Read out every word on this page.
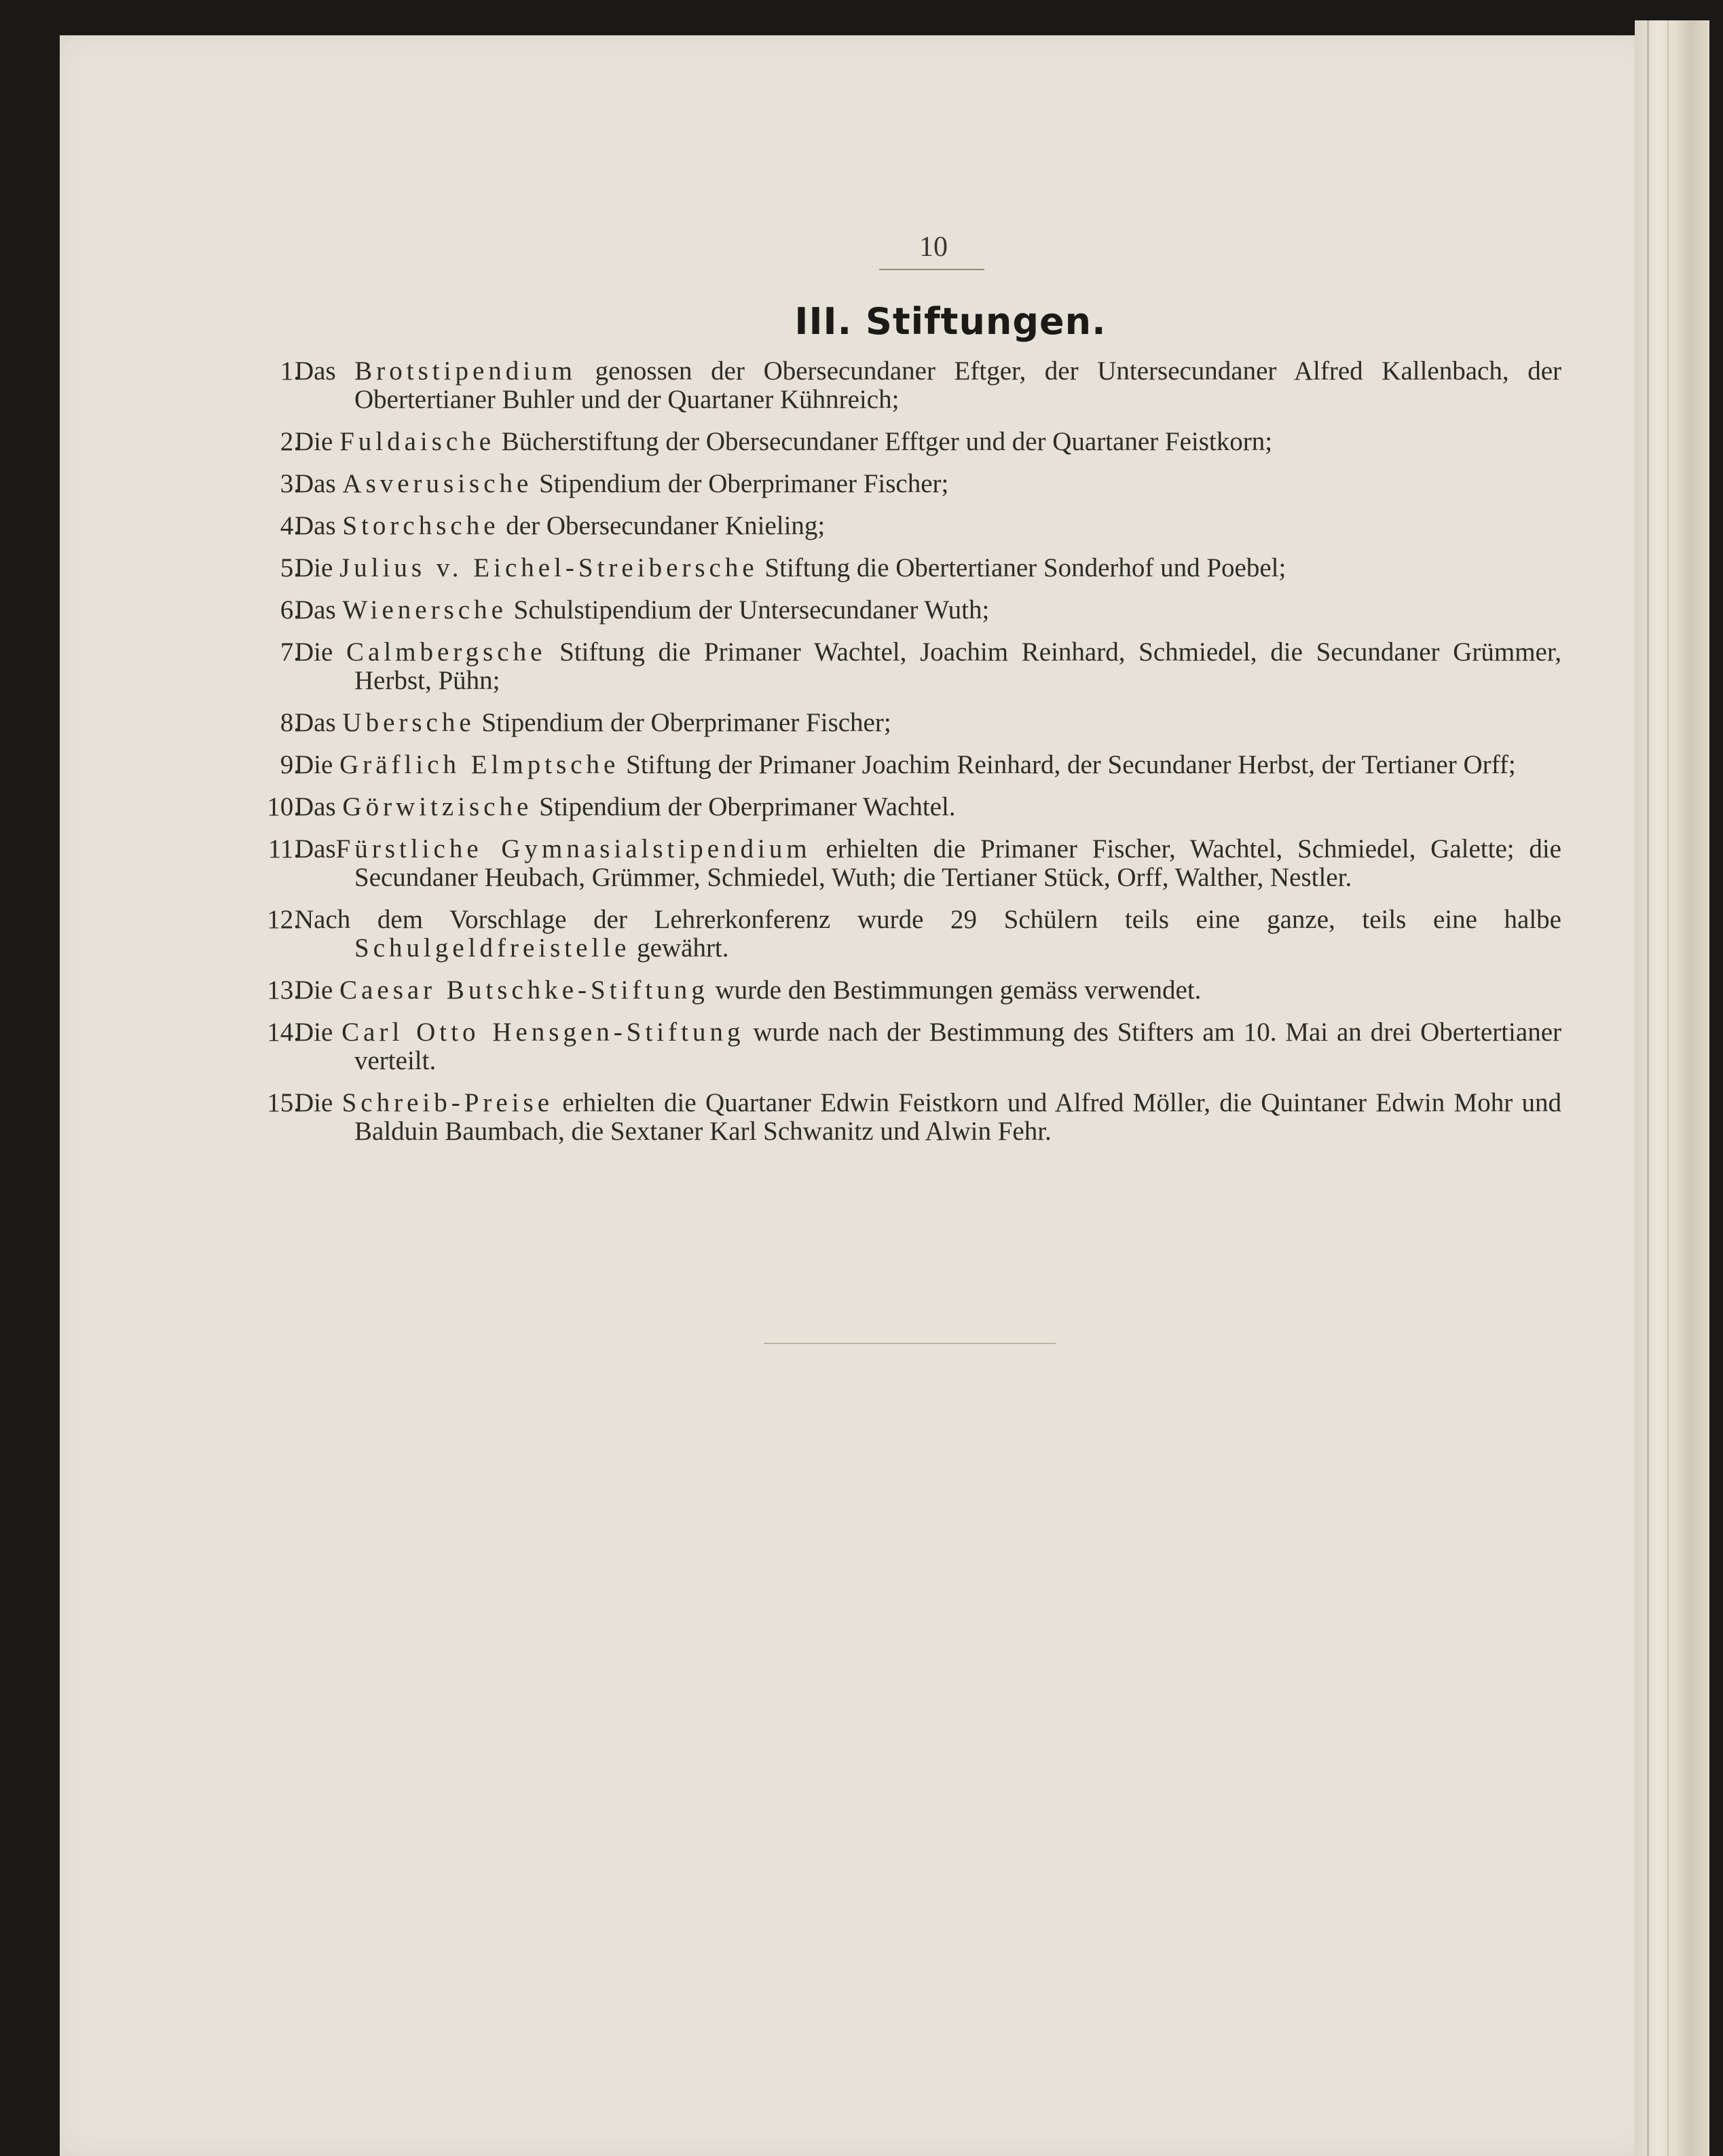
10
III. Stiftungen.
1.
Das Brotstipendium genossen der Obersecundaner Eftger, der Untersecundaner Alfred Kallenbach, der Obertertianer Buhler und der Quartaner Kühnreich;
2.
Die Fuldaische Bücherstiftung der Obersecundaner Efftger und der Quartaner Feistkorn;
3.
Das Asverusische Stipendium der Oberprimaner Fischer;
4.
Das Storchsche der Obersecundaner Knieling;
5.
Die Julius v. Eichel-Streibersche Stiftung die Obertertianer Sonderhof und Poebel;
6.
Das Wienersche Schulstipendium der Untersecundaner Wuth;
7.
Die Calmbergsche Stiftung die Primaner Wachtel, Joachim Reinhard, Schmiedel, die Secundaner Grümmer, Herbst, Pühn;
8.
Das Ubersche Stipendium der Oberprimaner Fischer;
9.
Die Gräflich Elmptsche Stiftung der Primaner Joachim Reinhard, der Secundaner Herbst, der Tertianer Orff;
10.
Das Görwitzische Stipendium der Oberprimaner Wachtel.
11.
DasFürstliche Gymnasialstipendium erhielten die Primaner Fischer, Wachtel, Schmiedel, Galette; die Secundaner Heubach, Grümmer, Schmiedel, Wuth; die Tertianer Stück, Orff, Walther, Nestler.
12.
Nach dem Vorschlage der Lehrerkonferenz wurde 29 Schülern teils eine ganze, teils eine halbe Schulgeldfreistelle gewährt.
13.
Die Caesar Butschke-Stiftung wurde den Bestimmungen gemäss verwendet.
14.
Die Carl Otto Hensgen-Stiftung wurde nach der Bestimmung des Stifters am 10. Mai an drei Obertertianer verteilt.
15.
Die Schreib-Preise erhielten die Quartaner Edwin Feistkorn und Alfred Möller, die Quintaner Edwin Mohr und Balduin Baumbach, die Sextaner Karl Schwanitz und Alwin Fehr.
